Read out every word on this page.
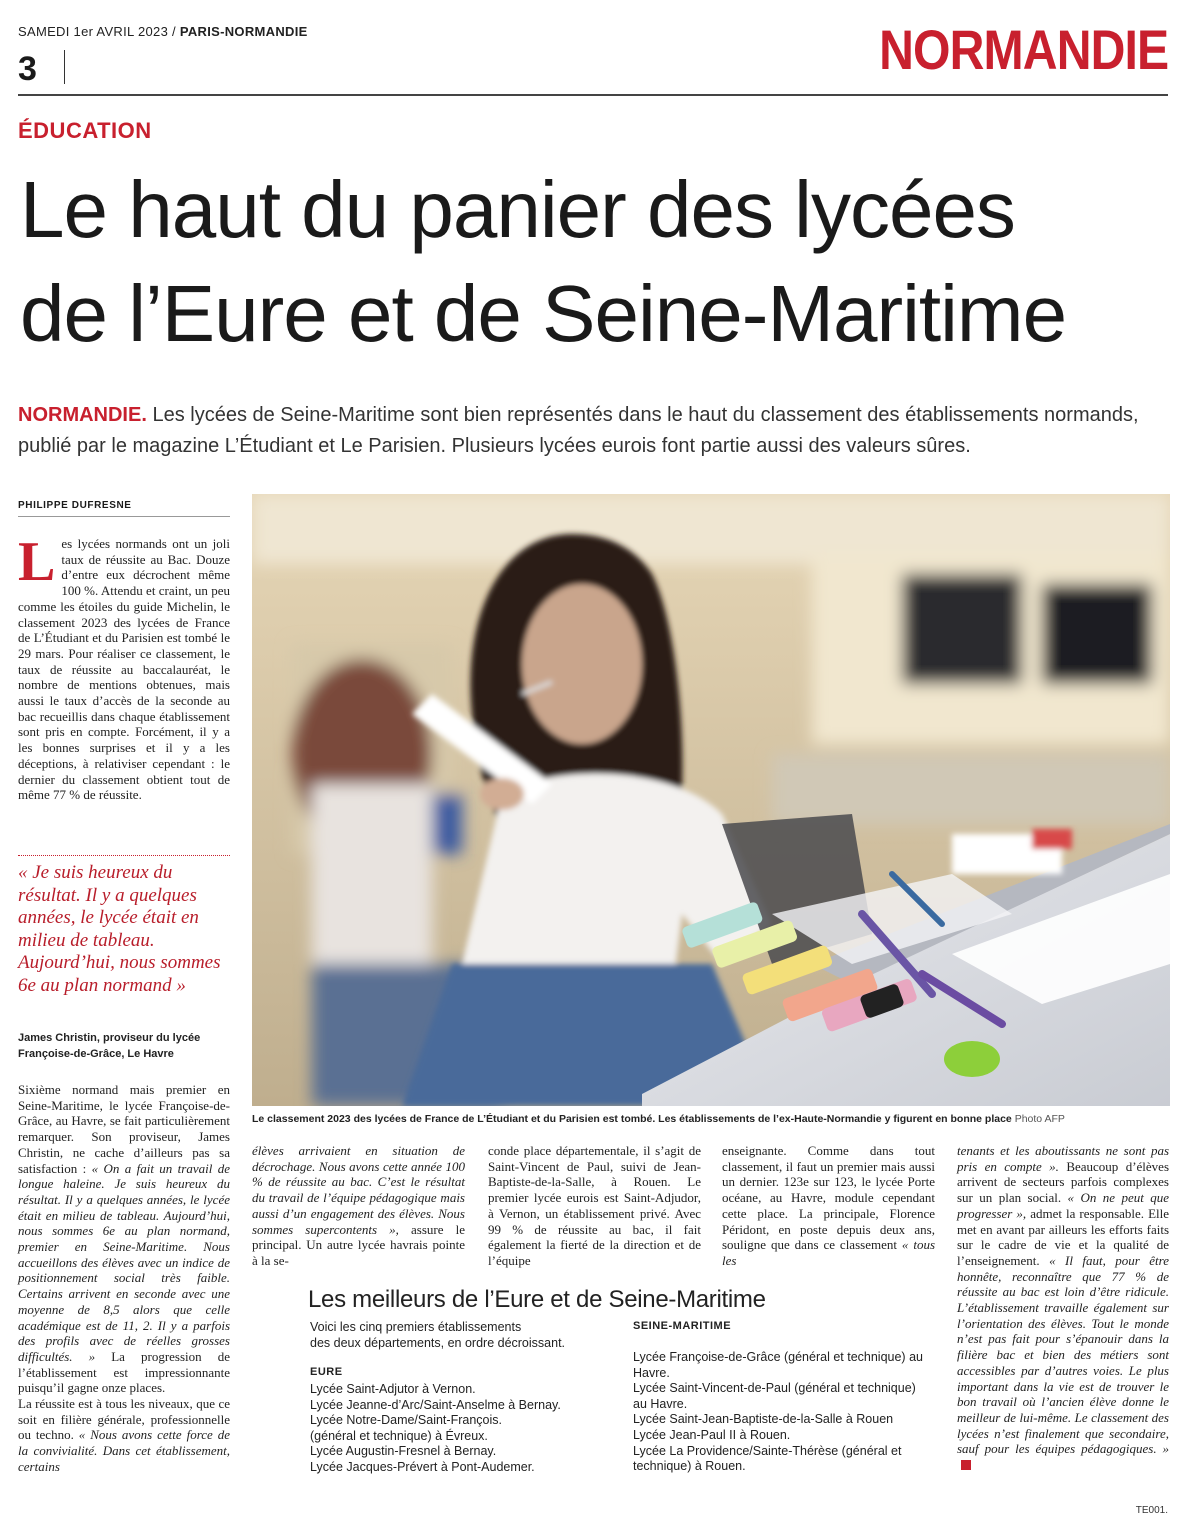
SAMEDI 1er AVRIL 2023 / PARIS-NORMANDIE
3	NORMANDIE
ÉDUCATION
Le haut du panier des lycées
de l’Eure et de Seine-Maritime
NORMANDIE. Les lycées de Seine-Maritime sont bien représentés dans le haut du classement des établissements normands, publié par le magazine L’Étudiant et Le Parisien. Plusieurs lycées eurois font partie aussi des valeurs sûres.
PHILIPPE DUFRESNE
L es lycées normands ont un joli taux de réussite au Bac. Douze d’entre eux décrochent même 100 %. Attendu et craint, un peu comme les étoiles du guide Michelin, le classement 2023 des lycées de France de L’Étudiant et du Parisien est tombé le 29 mars. Pour réaliser ce classement, le taux de réussite au baccalauréat, le nombre de mentions obtenues, mais aussi le taux d’accès de la seconde au bac recueillis dans chaque établissement sont pris en compte. Forcément, il y a les bonnes surprises et il y a les déceptions, à relativiser cependant : le dernier du classement obtient tout de même 77 % de réussite.
« Je suis heureux du résultat. Il y a quelques années, le lycée était en milieu de tableau. Aujourd’hui, nous sommes 6e au plan normand »
James Christin, proviseur du lycée Françoise-de-Grâce, Le Havre

Sixième normand mais premier en Seine-Maritime, le lycée Françoise-de-Grâce, au Havre, se fait particulièrement remarquer. Son proviseur, James Christin, ne cache d’ailleurs pas sa satisfaction : « On a fait un travail de longue haleine. Je suis heureux du résultat. Il y a quelques années, le lycée était en milieu de tableau. Aujourd’hui, nous sommes 6e au plan normand, premier en Seine-Maritime. Nous accueillons des élèves avec un indice de positionnement social très faible. Certains arrivent en seconde avec une moyenne de 8,5 alors que celle académique est de 11, 2. Il y a parfois des profils avec de réelles grosses difficultés. » La progression de l’établissement est impressionnante puisqu’il gagne onze places.

La réussite est à tous les niveaux, que ce soit en filière générale, professionnelle ou techno. « Nous avons cette force de la convivialité. Dans cet établissement, certains

Le classement 2023 des lycées de France de L’Étudiant et du Parisien est tombé. Les établissements de l’ex-Haute-Normandie y figurent en bonne place Photo AFP
élèves arrivaient en situation de décrochage. Nous avons cette année 100 % de réussite au bac. C’est le résultat du travail de l’équipe pédagogique mais aussi d’un engagement des élèves. Nous sommes supercontents », assure le principal. Un autre lycée havrais pointe à la se-
conde place départementale, il s’agit de Saint-Vincent de Paul, suivi de Jean-Baptiste-de-la-Salle, à Rouen. Le premier lycée eurois est Saint-Adjudor, à Vernon, un établissement privé. Avec 99 % de réussite au bac, il fait également la fierté de la direction et de l’équipe
enseignante. Comme dans tout classement, il faut un premier mais aussi un dernier. 123e sur 123, le lycée Porte océane, au Havre, module cependant cette place. La principale, Florence Péridont, en poste depuis deux ans, souligne que dans ce classement « tous les
tenants et les aboutissants ne sont pas pris en compte ». Beaucoup d’élèves arrivent de secteurs parfois complexes sur un plan social. « On ne peut que progresser », admet la responsable. Elle met en avant par ailleurs les efforts faits sur le cadre de vie et la qualité de l’enseignement. « Il faut, pour être honnête, reconnaître que 77 % de réussite au bac est loin d’être ridicule. L’établissement travaille également sur l’orientation des élèves. Tout le monde n’est pas fait pour s’épanouir dans la filière bac et bien des métiers sont accessibles par d’autres voies. Le plus important dans la vie est de trouver le bon travail où l’ancien élève donne le meilleur de lui-même. Le classement des lycées n’est finalement que secondaire, sauf pour les équipes pédagogiques. »
Les meilleurs de l’Eure et de Seine-Maritime
Voici les cinq premiers établissements
des deux départements, en ordre décroissant.
EURE
Lycée Saint-Adjutor à Vernon.
Lycée Jeanne-d’Arc/Saint-Anselme à Bernay.
Lycée Notre-Dame/Saint-François.
(général et technique) à Évreux.
Lycée Augustin-Fresnel à Bernay.
Lycée Jacques-Prévert à Pont-Audemer.
SEINE-MARITIME
Lycée Françoise-de-Grâce (général et technique) au
Havre.
Lycée Saint-Vincent-de-Paul (général et technique)
au Havre.
Lycée Saint-Jean-Baptiste-de-la-Salle à Rouen
Lycée Jean-Paul II à Rouen.
Lycée La Providence/Sainte-Thérèse (général et
technique) à Rouen.
TE001.
